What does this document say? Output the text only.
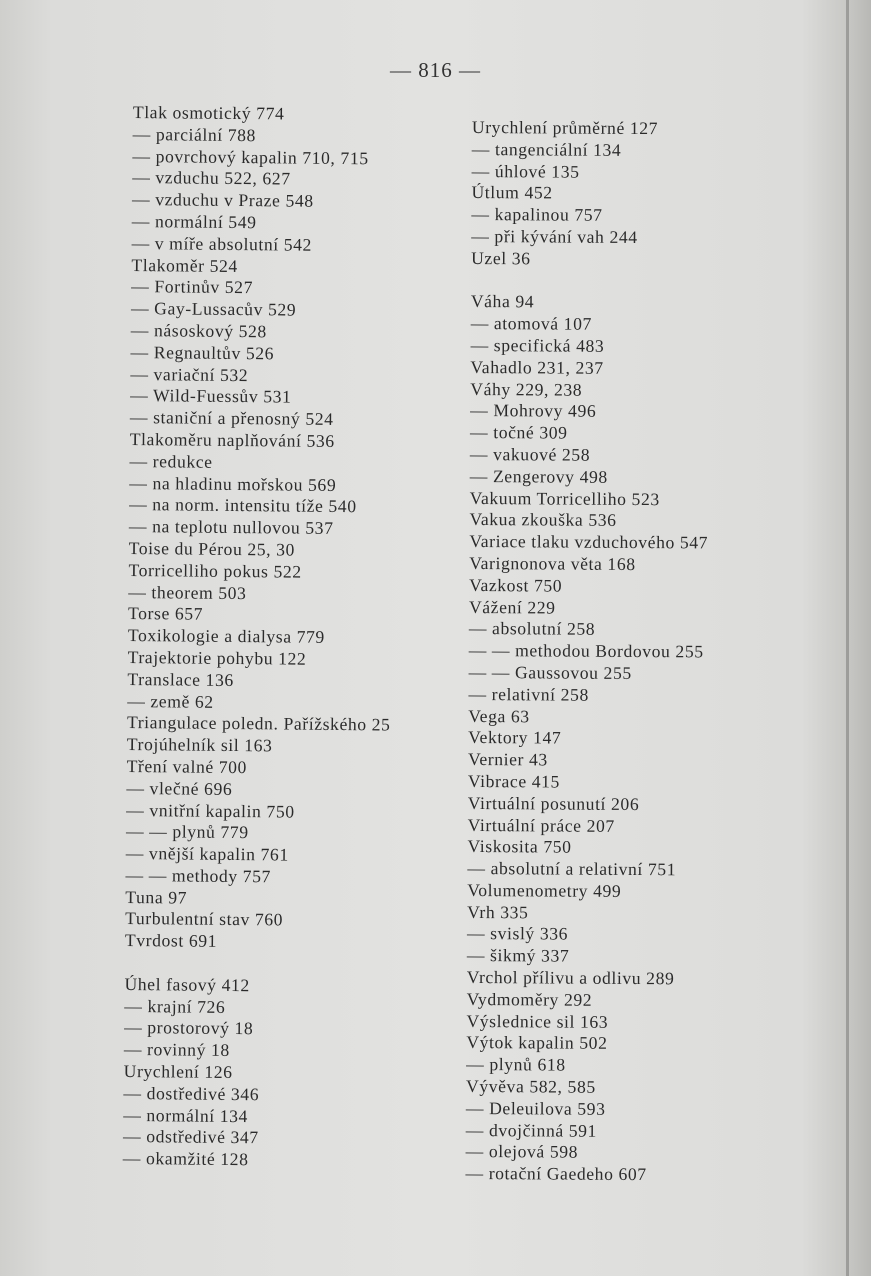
— 816 —
Tlak osmotický 774
— parciální 788
— povrchový kapalin 710, 715
— vzduchu 522, 627
— vzduchu v Praze 548
— normální 549
— v míře absolutní 542
Tlakoměr 524
— Fortinův 527
— Gay-Lussacův 529
— násoskový 528
— Regnaultův 526
— variační 532
— Wild-Fuessův 531
— staniční a přenosný 524
Tlakoměru naplňování 536
— redukce
— na hladinu mořskou 569
— na norm. intensitu tíže 540
— na teplotu nullovou 537
Toise du Pérou 25, 30
Torricelliho pokus 522
— theorem 503
Torse 657
Toxikologie a dialysa 779
Trajektorie pohybu 122
Translace 136
— země 62
Triangulace poledn. Pařížského 25
Trojúhelník sil 163
Tření valné 700
— vlečné 696
— vnitřní kapalin 750
— — plynů 779
— vnější kapalin 761
— — methody 757
Tuna 97
Turbulentní stav 760
Tvrdost 691
Úhel fasový 412
— krajní 726
— prostorový 18
— rovinný 18
Urychlení 126
— dostředivé 346
— normální 134
— odstředivé 347
— okamžité 128
Urychlení průměrné 127
— tangenciální 134
— úhlové 135
Útlum 452
— kapalinou 757
— při kývání vah 244
Uzel 36
Váha 94
— atomová 107
— specifická 483
Vahadlo 231, 237
Váhy 229, 238
— Mohrovy 496
— točné 309
— vakuové 258
— Zengerovy 498
Vakuum Torricelliho 523
Vakua zkouška 536
Variace tlaku vzduchového 547
Varignonova věta 168
Vazkost 750
Vážení 229
— absolutní 258
— — methodou Bordovou 255
— — Gaussovou 255
— relativní 258
Vega 63
Vektory 147
Vernier 43
Vibrace 415
Virtuální posunutí 206
Virtuální práce 207
Viskosita 750
— absolutní a relativní 751
Volumenometry 499
Vrh 335
— svislý 336
— šikmý 337
Vrchol přílivu a odlivu 289
Vydmoměry 292
Výslednice sil 163
Výtok kapalin 502
— plynů 618
Vývěva 582, 585
— Deleuilova 593
— dvojčinná 591
— olejová 598
— rotační Gaedeho 607
